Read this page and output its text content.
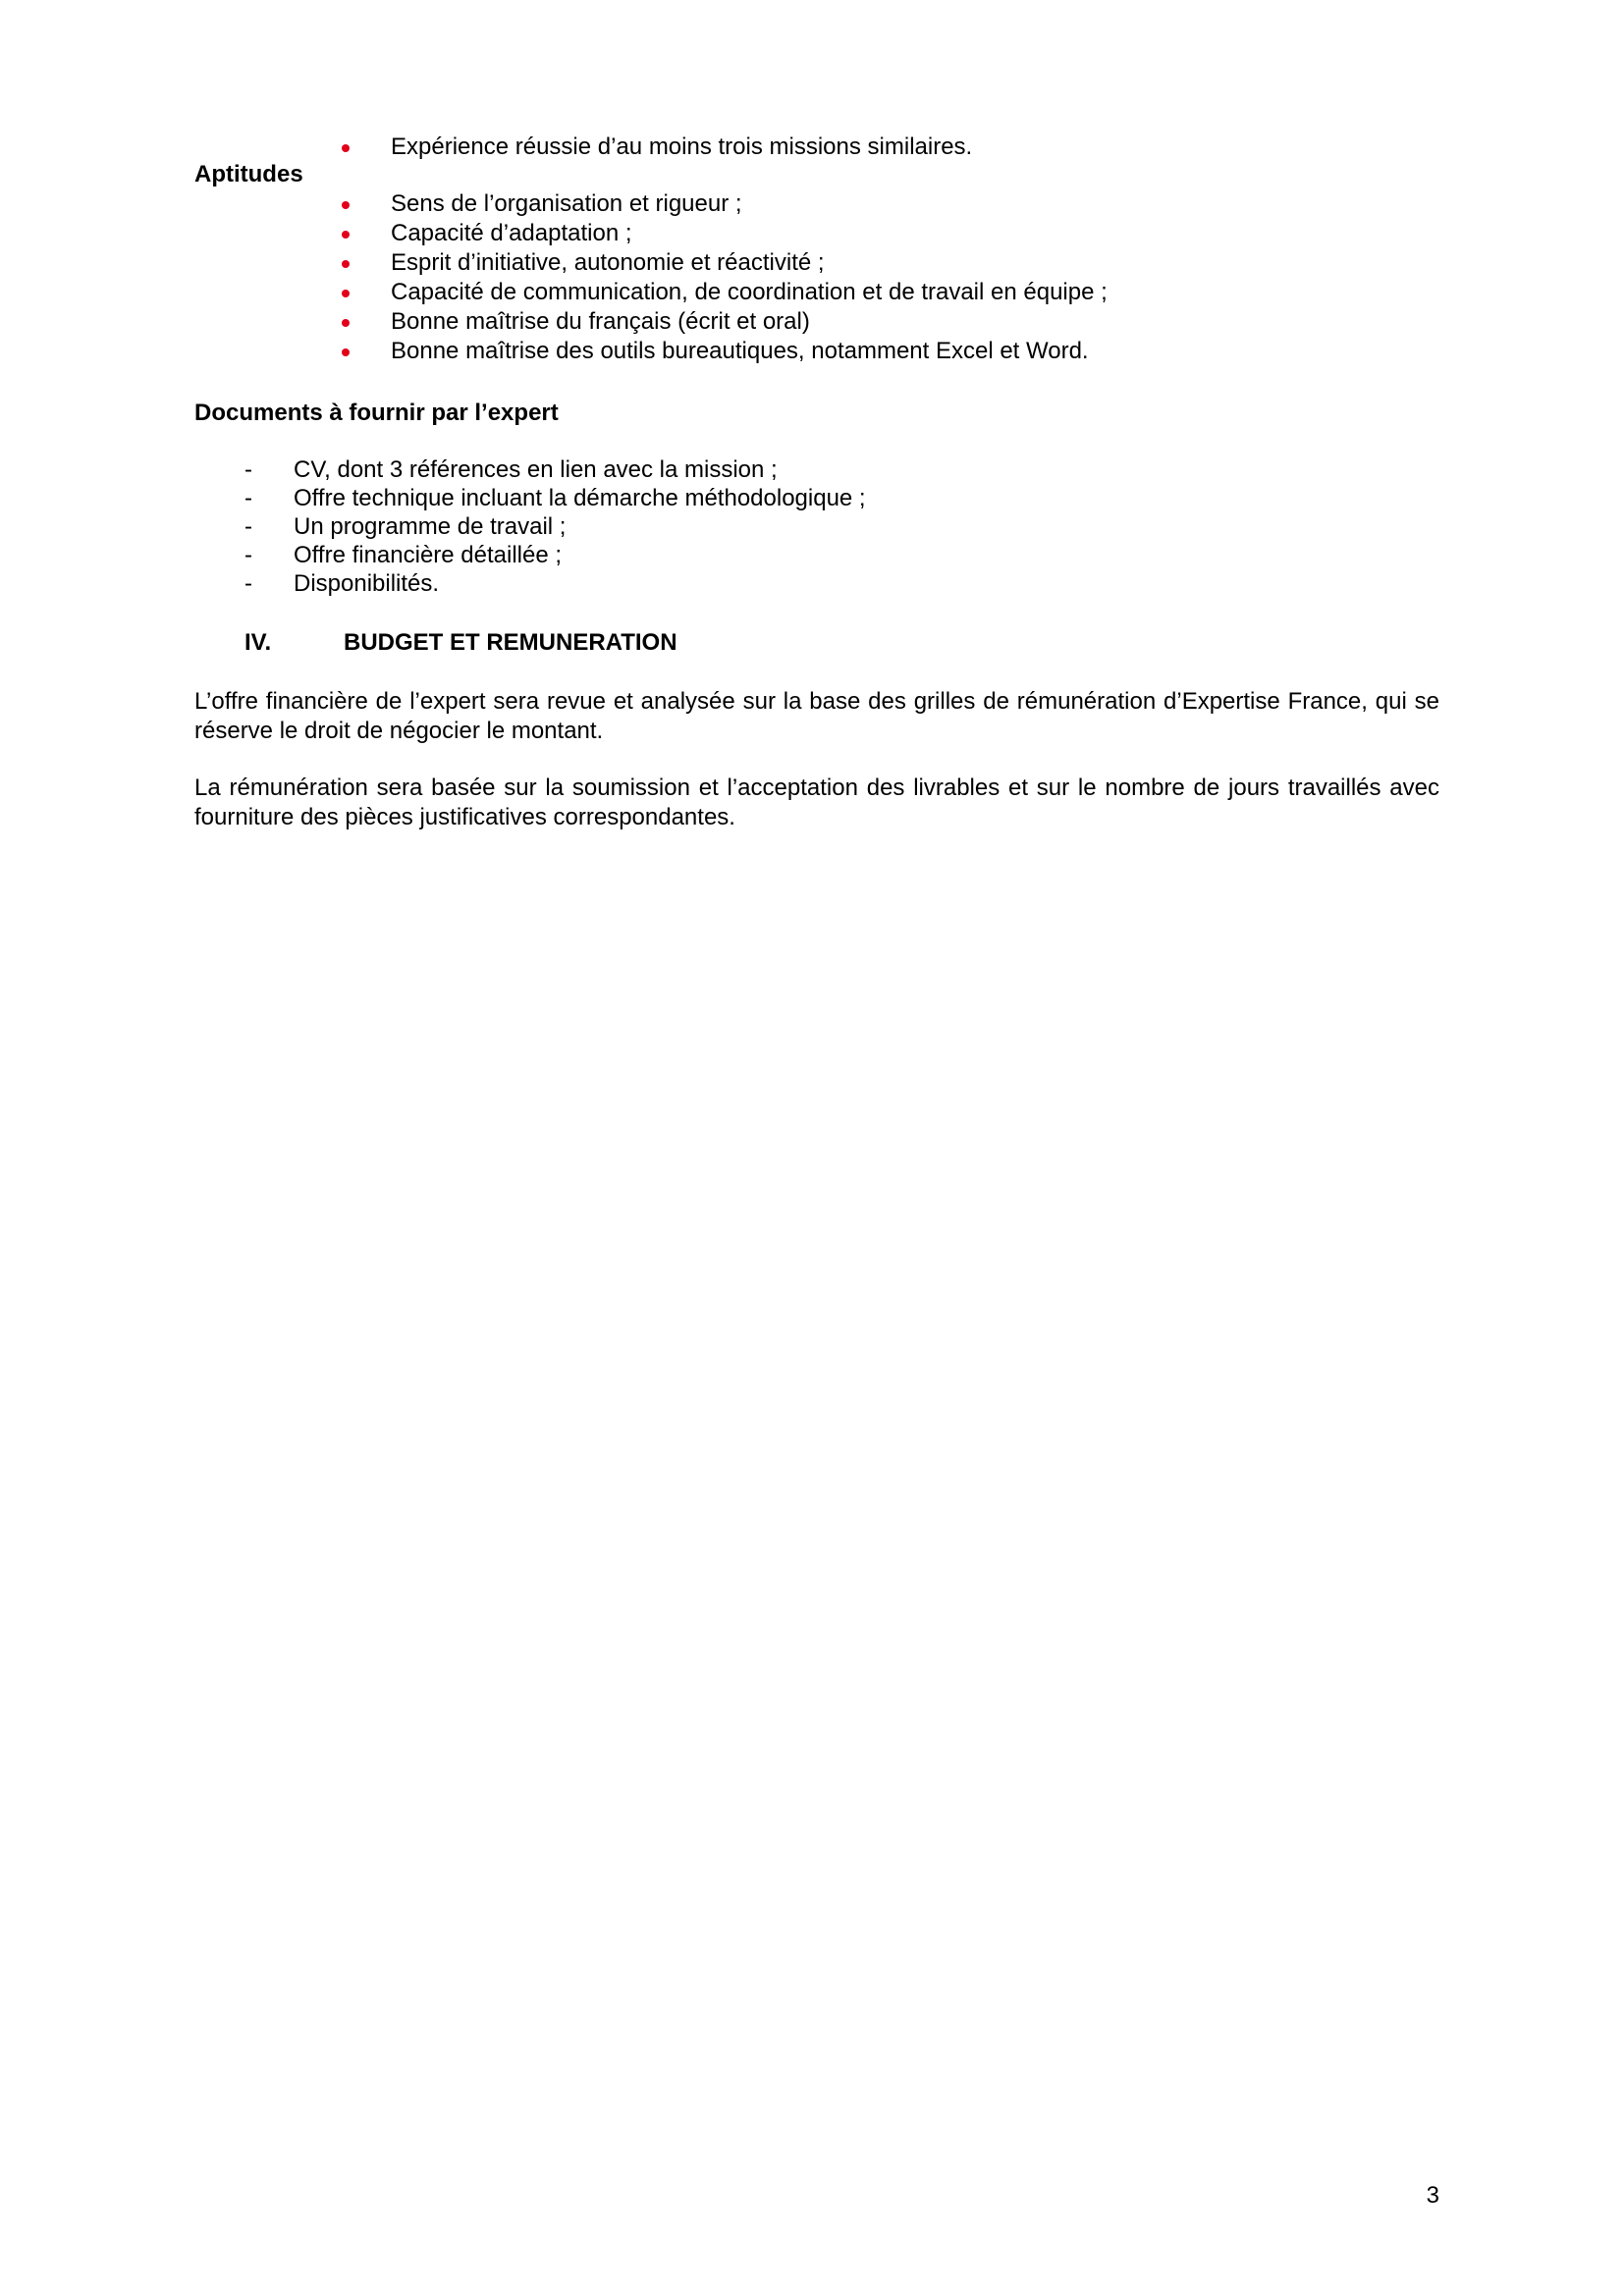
Expérience réussie d’au moins trois missions similaires.
Aptitudes
Sens de l’organisation et rigueur ;
Capacité d’adaptation ;
Esprit d’initiative, autonomie et réactivité ;
Capacité de communication, de coordination et de travail en équipe ;
Bonne maîtrise du français (écrit et oral)
Bonne maîtrise des outils bureautiques, notamment Excel et Word.
Documents à fournir par l’expert
- CV, dont 3 références en lien avec la mission ;
- Offre technique incluant la démarche méthodologique ;
- Un programme de travail ;
- Offre financière détaillée ;
- Disponibilités.
IV.	BUDGET ET REMUNERATION

L’offre financière de l’expert sera revue et analysée sur la base des grilles de rémunération d’Expertise France, qui se réserve le droit de négocier le montant.

La rémunération sera basée sur la soumission et l’acceptation des livrables et sur le nombre de jours travaillés avec fourniture des pièces justificatives correspondantes.

3
